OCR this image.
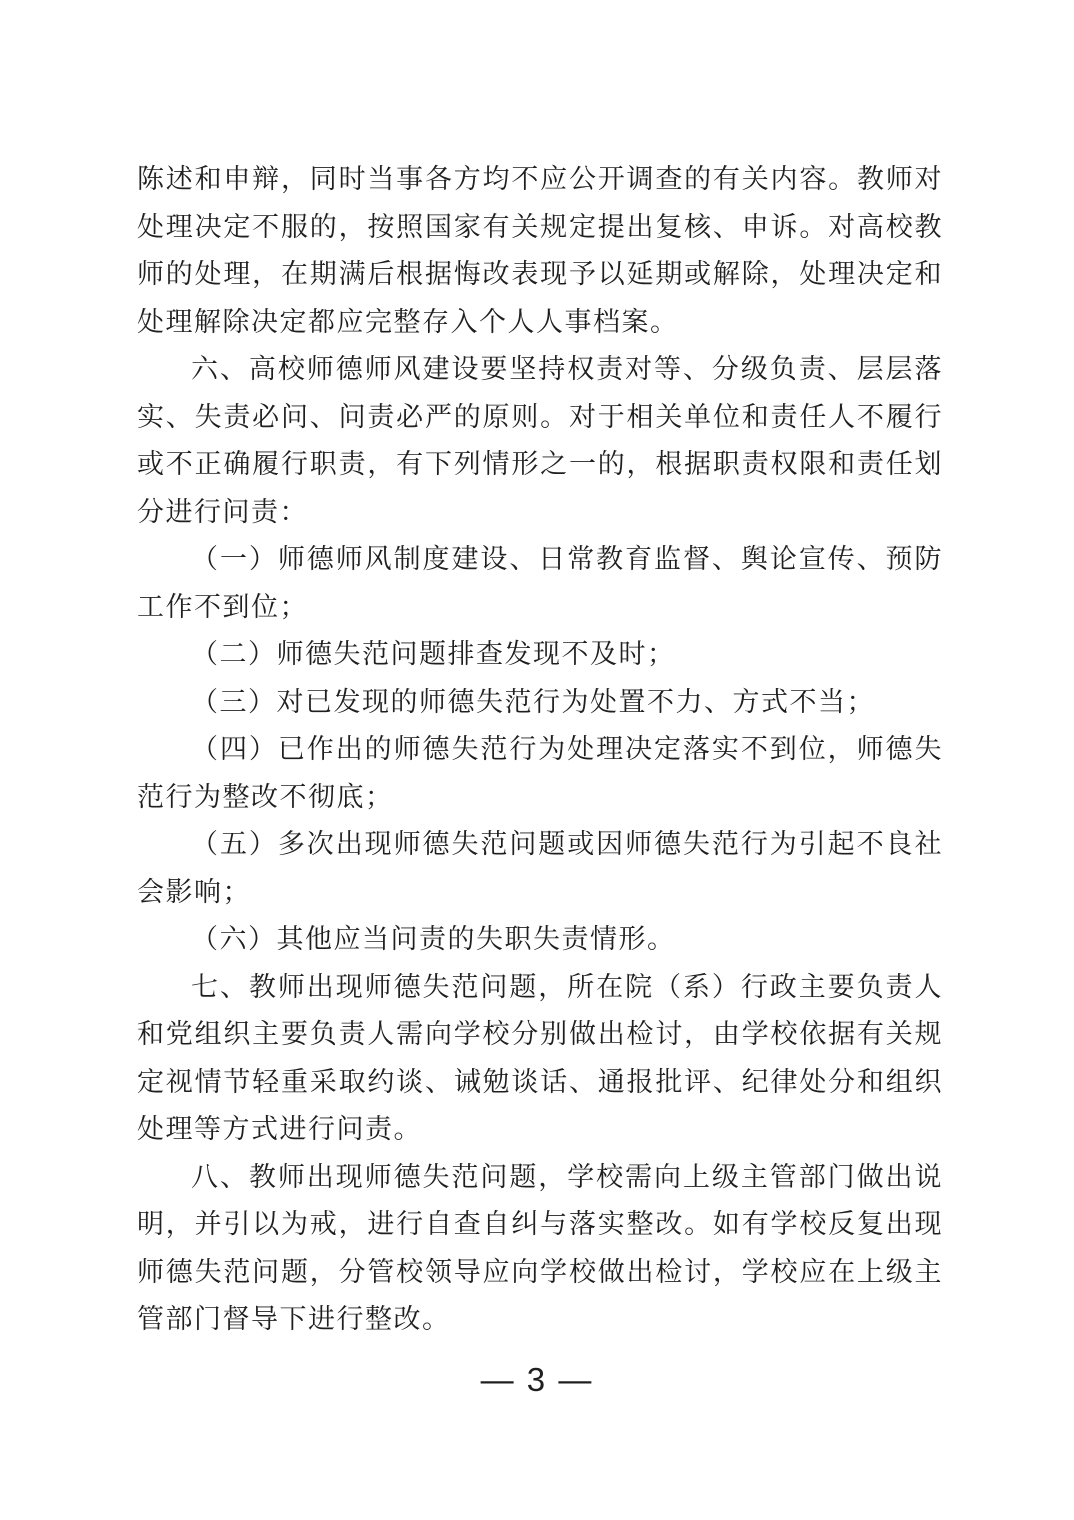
陈述和申辩，同时当事各方均不应公开调查的有关内容。教师对处理决定不服的，按照国家有关规定提出复核、申诉。对高校教师的处理，在期满后根据悔改表现予以延期或解除，处理决定和处理解除决定都应完整存入个人人事档案。

六、高校师德师风建设要坚持权责对等、分级负责、层层落实、失责必问、问责必严的原则。对于相关单位和责任人不履行或不正确履行职责，有下列情形之一的，根据职责权限和责任划分进行问责：

（一）师德师风制度建设、日常教育监督、舆论宣传、预防工作不到位；

（二）师德失范问题排查发现不及时；

（三）对已发现的师德失范行为处置不力、方式不当；

（四）已作出的师德失范行为处理决定落实不到位，师德失范行为整改不彻底；

（五）多次出现师德失范问题或因师德失范行为引起不良社会影响；

（六）其他应当问责的失职失责情形。

七、教师出现师德失范问题，所在院（系）行政主要负责人和党组织主要负责人需向学校分别做出检讨，由学校依据有关规定视情节轻重采取约谈、诫勉谈话、通报批评、纪律处分和组织处理等方式进行问责。

八、教师出现师德失范问题，学校需向上级主管部门做出说明，并引以为戒，进行自查自纠与落实整改。如有学校反复出现师德失范问题，分管校领导应向学校做出检讨，学校应在上级主管部门督导下进行整改。

— 3 —
